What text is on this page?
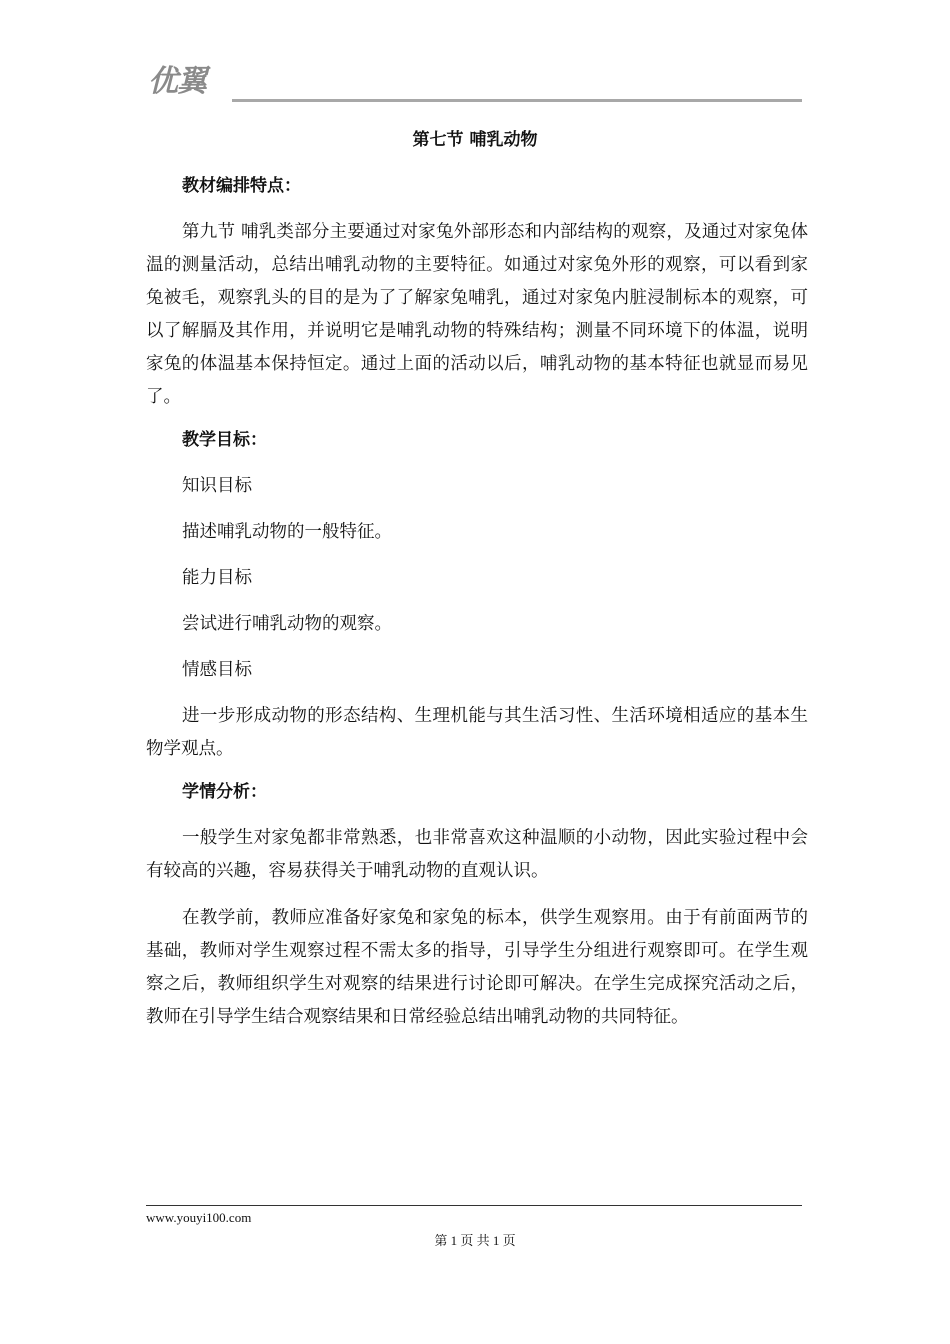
优翼
第七节 哺乳动物
教材编排特点：

第九节 哺乳类部分主要通过对家兔外部形态和内部结构的观察，及通过对家兔体温的测量活动，总结出哺乳动物的主要特征。如通过对家兔外形的观察，可以看到家兔被毛，观察乳头的目的是为了了解家兔哺乳，通过对家兔内脏浸制标本的观察，可以了解膈及其作用，并说明它是哺乳动物的特殊结构；测量不同环境下的体温，说明家兔的体温基本保持恒定。通过上面的活动以后，哺乳动物的基本特征也就显而易见了。

教学目标：

知识目标

描述哺乳动物的一般特征。

能力目标

尝试进行哺乳动物的观察。

情感目标

进一步形成动物的形态结构、生理机能与其生活习性、生活环境相适应的基本生物学观点。

学情分析：

一般学生对家兔都非常熟悉，也非常喜欢这种温顺的小动物，因此实验过程中会有较高的兴趣，容易获得关于哺乳动物的直观认识。

在教学前，教师应准备好家兔和家兔的标本，供学生观察用。由于有前面两节的基础，教师对学生观察过程不需太多的指导，引导学生分组进行观察即可。在学生观察之后，教师组织学生对观察的结果进行讨论即可解决。在学生完成探究活动之后，教师在引导学生结合观察结果和日常经验总结出哺乳动物的共同特征。

www.youyi100.com
第 1 页 共 1 页
